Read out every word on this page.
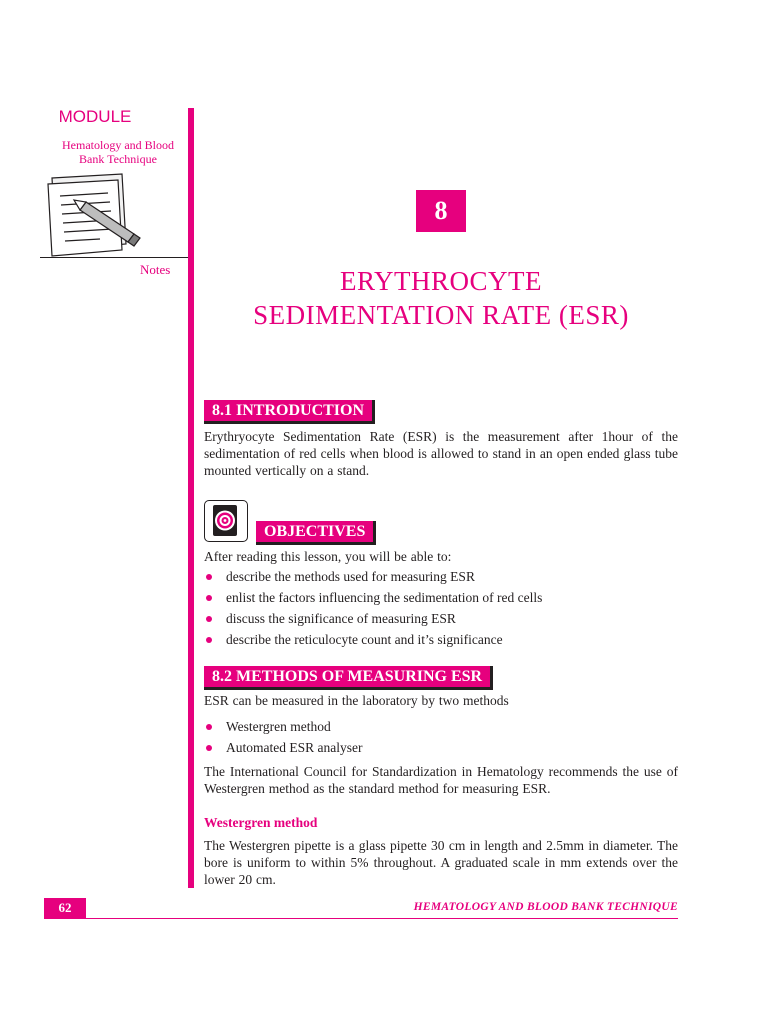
MODULE
Hematology and Blood
Bank Technique
Notes
8
ERYTHROCYTE
SEDIMENTATION RATE (ESR)
8.1 INTRODUCTION
Erythryocyte Sedimentation Rate (ESR) is the measurement after 1hour of the sedimentation of red cells when blood is allowed to stand in an open ended glass tube mounted vertically on a stand.
OBJECTIVES
After reading this lesson, you will be able to:
describe the methods used for measuring ESR
enlist the factors influencing the sedimentation of red cells
discuss the significance of measuring ESR
describe the reticulocyte count and it’s significance
8.2 METHODS OF MEASURING ESR
ESR can be measured in the laboratory by two methods
Westergren method
Automated ESR analyser
The International Council for Standardization in Hematology recommends the use of Westergren method as the standard method for measuring ESR.
Westergren method
The Westergren pipette is a glass pipette 30 cm in length and 2.5mm in diameter. The bore is uniform to within 5% throughout. A graduated scale in mm extends over the lower 20 cm.
62	HEMATOLOGY AND BLOOD BANK TECHNIQUE
